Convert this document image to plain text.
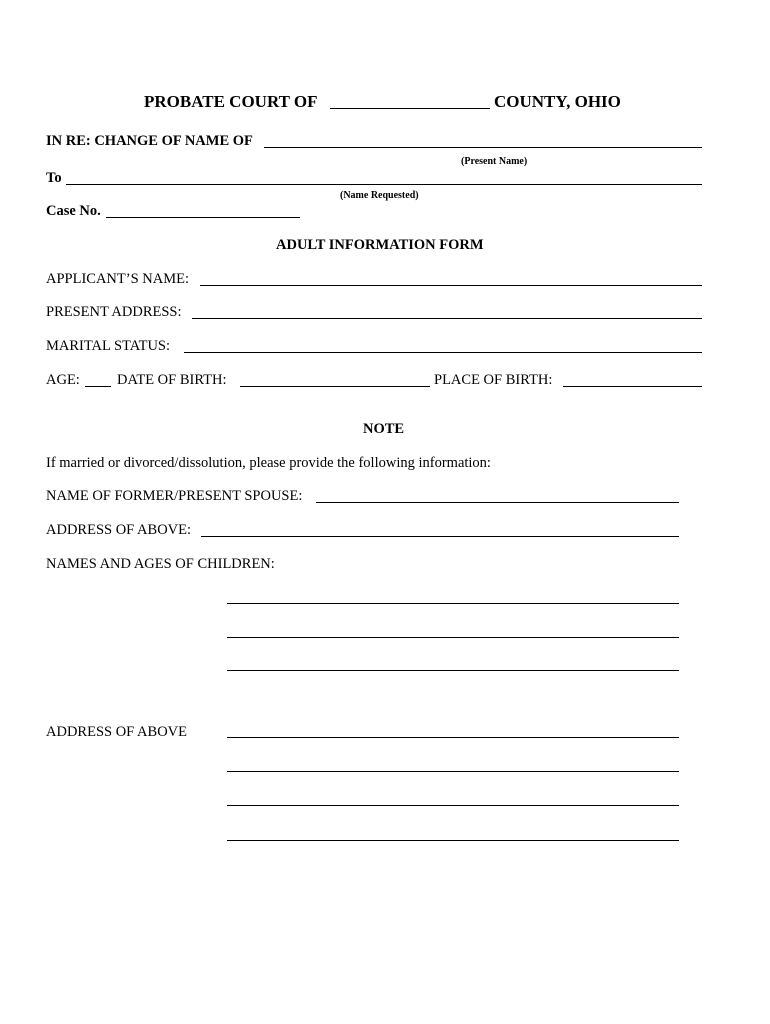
PROBATE COURT OF	COUNTY, OHIO
IN RE: CHANGE OF NAME OF
(Present Name)
To
(Name Requested)
Case No.
ADULT INFORMATION FORM
APPLICANT’S NAME:
PRESENT ADDRESS:
MARITAL STATUS:
AGE:	DATE OF BIRTH:	PLACE OF BIRTH:
NOTE
If married or divorced/dissolution, please provide the following information:
NAME OF FORMER/PRESENT SPOUSE:
ADDRESS OF ABOVE:
NAMES AND AGES OF CHILDREN:
ADDRESS OF ABOVE
